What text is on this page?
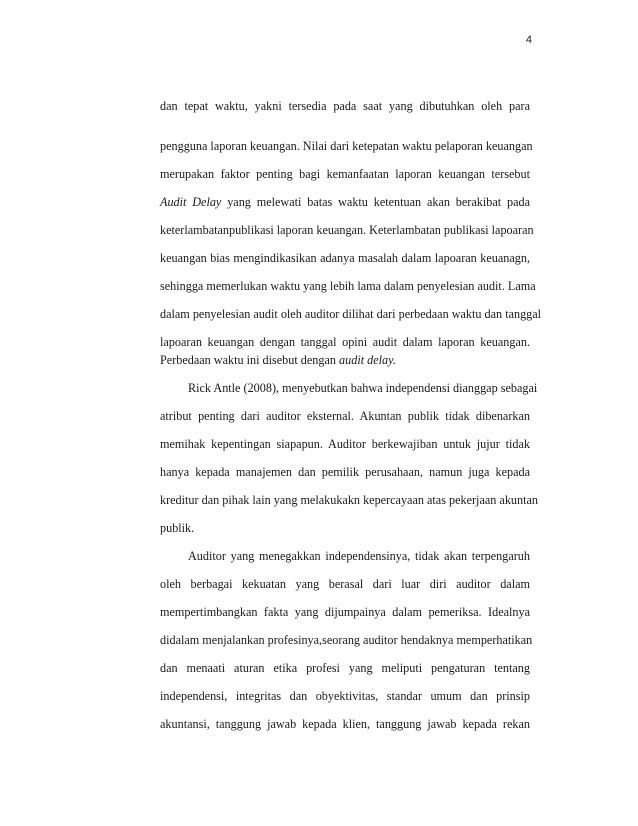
4
dan tepat waktu, yakni tersedia pada saat yang dibutuhkan oleh para
pengguna laporan keuangan. Nilai dari ketepatan waktu pelaporan keuangan
merupakan faktor penting bagi kemanfaatan laporan keuangan tersebut
Audit Delay yang melewati batas waktu ketentuan akan berakibat pada
keterlambatanpublikasi laporan keuangan. Keterlambatan publikasi lapoaran
keuangan bias mengindikasikan adanya masalah dalam lapoaran keuanagn,
sehingga memerlukan waktu yang lebih lama dalam penyelesian audit. Lama
dalam penyelesian audit oleh auditor dilihat dari perbedaan waktu dan tanggal
lapoaran keuangan dengan tanggal opini audit dalam laporan keuangan.
Perbedaan waktu ini disebut dengan audit delay.
Rick Antle (2008), menyebutkan bahwa independensi dianggap sebagai
atribut penting dari auditor eksternal. Akuntan publik tidak dibenarkan
memihak kepentingan siapapun. Auditor berkewajiban untuk jujur tidak
hanya kepada manajemen dan pemilik perusahaan, namun juga kepada
kreditur dan pihak lain yang melakukakn kepercayaan atas pekerjaan akuntan
publik.
Auditor yang menegakkan independensinya, tidak akan terpengaruh
oleh berbagai kekuatan yang berasal dari luar diri auditor dalam
mempertimbangkan fakta yang dijumpainya dalam pemeriksa. Idealnya
didalam menjalankan profesinya,seorang auditor hendaknya memperhatikan
dan menaati aturan etika profesi yang meliputi pengaturan tentang
independensi, integritas dan obyektivitas, standar umum dan prinsip
akuntansi, tanggung jawab kepada klien, tanggung jawab kepada rekan
